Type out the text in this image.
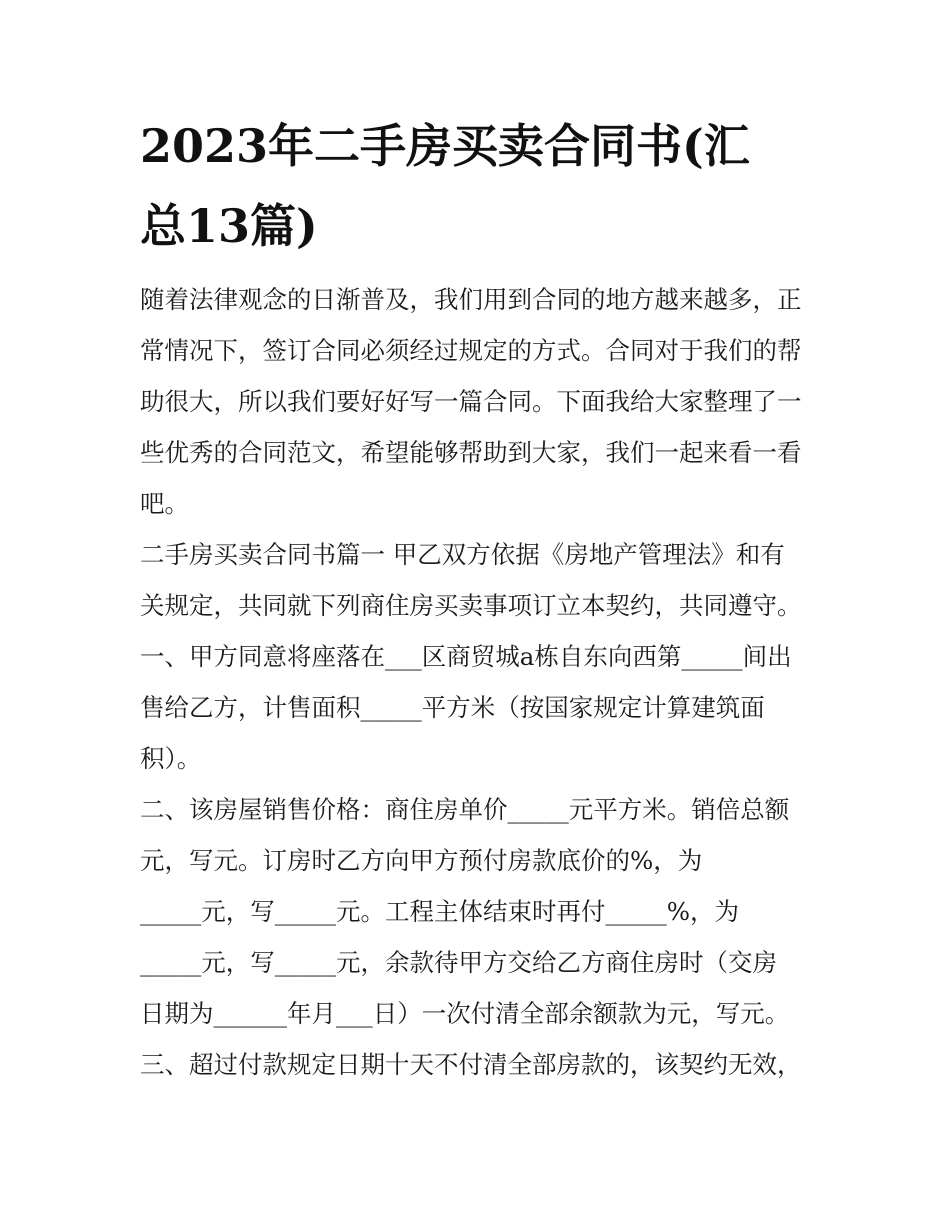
2023年二手房买卖合同书(汇
总13篇)

随着法律观念的日渐普及，我们用到合同的地方越来越多，正

常情况下，签订合同必须经过规定的方式。合同对于我们的帮

助很大，所以我们要好好写一篇合同。下面我给大家整理了一

些优秀的合同范文，希望能够帮助到大家，我们一起来看一看

吧。

二手房买卖合同书篇一 甲乙双方依据《房地产管理法》和有

关规定，共同就下列商住房买卖事项订立本契约，共同遵守。

一、甲方同意将座落在___区商贸城a栋自东向西第_____间出

售给乙方，计售面积_____平方米（按国家规定计算建筑面

积）。

二、该房屋销售价格：商住房单价_____元平方米。销倍总额

元，写元。订房时乙方向甲方预付房款底价的%，为

_____元，写_____元。工程主体结束时再付_____%，为

_____元，写_____元，余款待甲方交给乙方商住房时（交房

日期为______年月___日）一次付清全部余额款为元，写元。

三、超过付款规定日期十天不付清全部房款的，该契约无效，
